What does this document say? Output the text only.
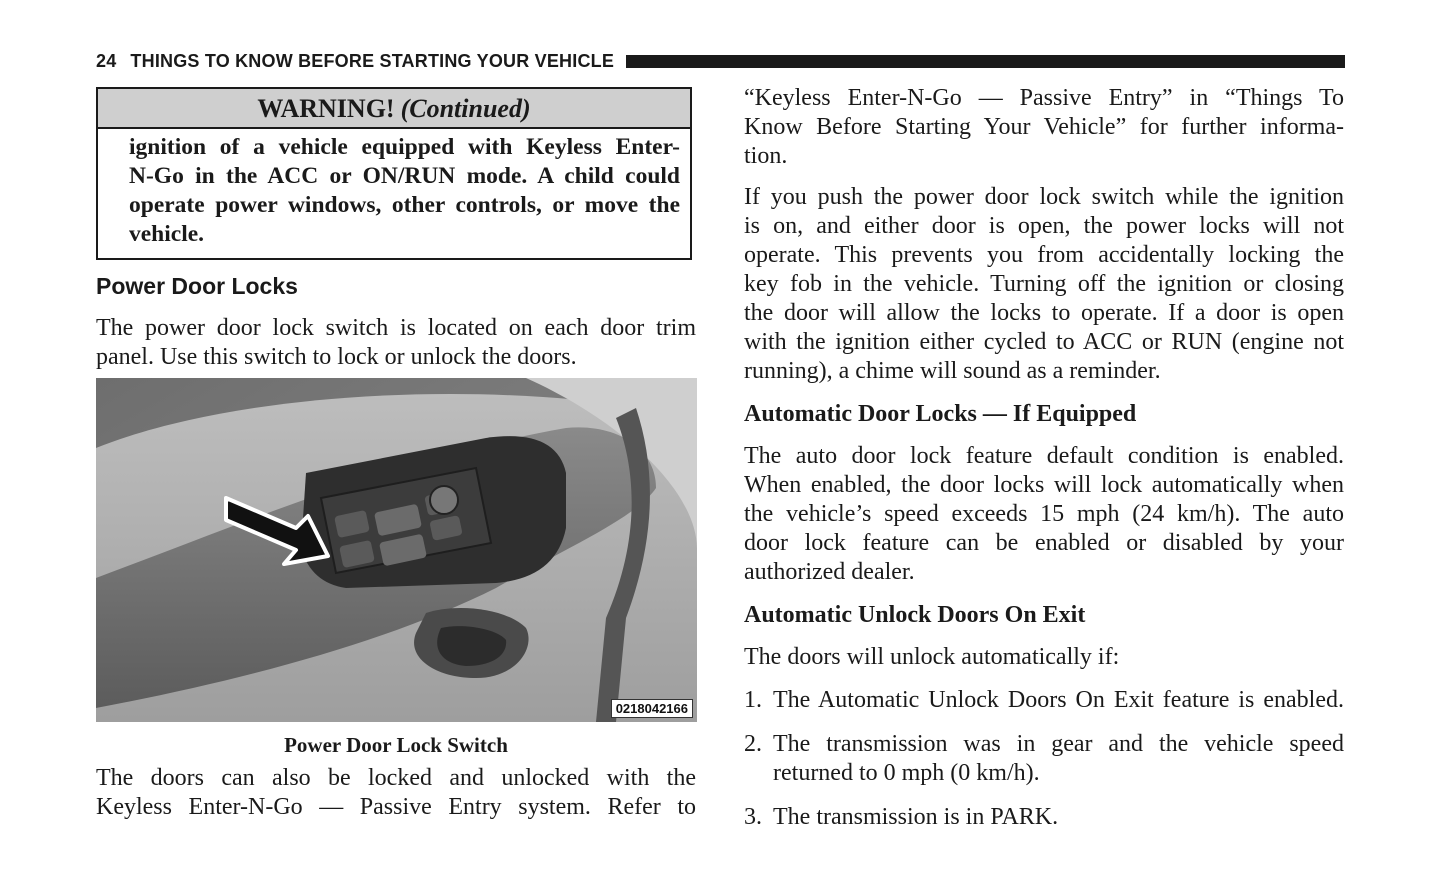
24 THINGS TO KNOW BEFORE STARTING YOUR VEHICLE
WARNING! (Continued)
ignition of a vehicle equipped with Keyless Enter-
N-Go in the ACC or ON/RUN mode. A child could
operate power windows, other controls, or move the
vehicle.
Power Door Locks
The power door lock switch is located on each door trim
panel. Use this switch to lock or unlock the doors.
0218042166
Power Door Lock Switch
The doors can also be locked and unlocked with the
Keyless Enter-N-Go — Passive Entry system. Refer to
“Keyless Enter-N-Go — Passive Entry” in “Things To
Know Before Starting Your Vehicle” for further informa-
tion.
If you push the power door lock switch while the ignition
is on, and either door is open, the power locks will not
operate. This prevents you from accidentally locking the
key fob in the vehicle. Turning off the ignition or closing
the door will allow the locks to operate. If a door is open
with the ignition either cycled to ACC or RUN (engine not
running), a chime will sound as a reminder.
Automatic Door Locks — If Equipped
The auto door lock feature default condition is enabled.
When enabled, the door locks will lock automatically when
the vehicle’s speed exceeds 15 mph (24 km/h). The auto
door lock feature can be enabled or disabled by your
authorized dealer.
Automatic Unlock Doors On Exit
The doors will unlock automatically if:
1. The Automatic Unlock Doors On Exit feature is enabled.
2. The transmission was in gear and the vehicle speed
returned to 0 mph (0 km/h).
3. The transmission is in PARK.
